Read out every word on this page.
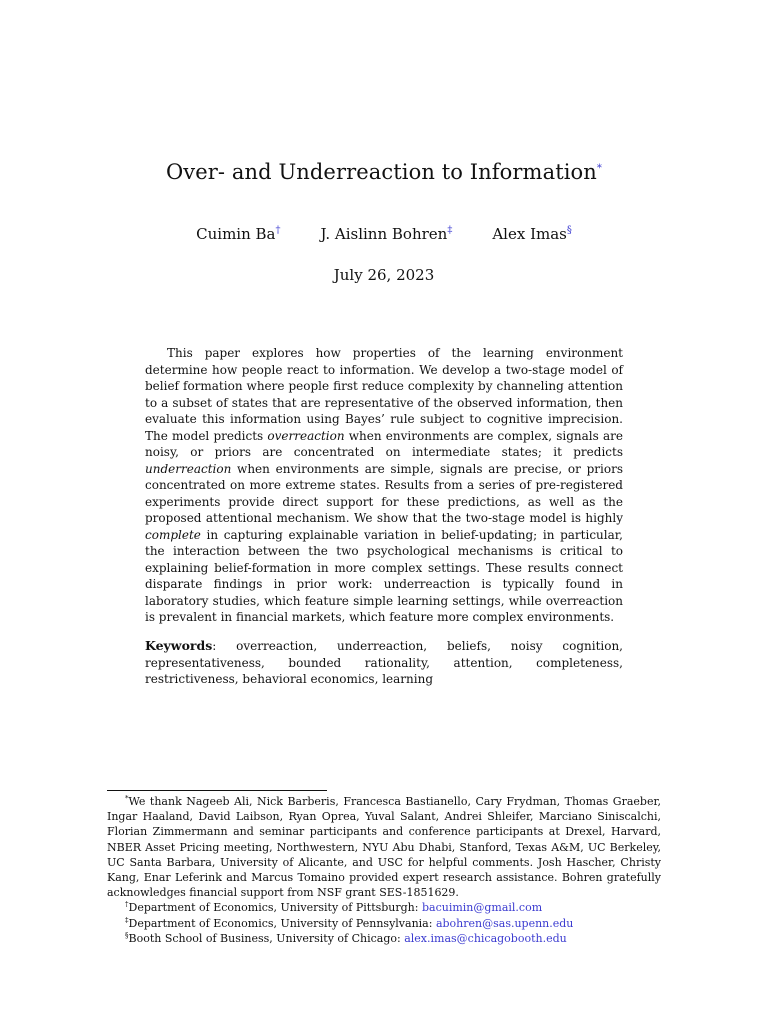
Over- and Underreaction to Information*
Cuimin Ba†	J. Aislinn Bohren‡	Alex Imas§
July 26, 2023

This paper explores how properties of the learning environment determine how people react to information. We develop a two-stage model of belief formation where people first reduce complexity by channeling attention to a subset of states that are representative of the observed information, then evaluate this information using Bayes’ rule subject to cognitive imprecision. The model predicts overreaction when environments are complex, signals are noisy, or priors are concentrated on intermediate states; it predicts underreaction when environments are simple, signals are precise, or priors concentrated on more extreme states. Results from a series of pre-registered experiments provide direct support for these predictions, as well as the proposed attentional mechanism. We show that the two-stage model is highly complete in capturing explainable variation in belief-updating; in particular, the interaction between the two psychological mechanisms is critical to explaining belief-formation in more complex settings. These results connect disparate findings in prior work: underreaction is typically found in laboratory studies, which feature simple learning settings, while overreaction is prevalent in financial markets, which feature more complex environments.

Keywords: overreaction, underreaction, beliefs, noisy cognition, representativeness, bounded rationality, attention, completeness, restrictiveness, behavioral economics, learning

*We thank Nageeb Ali, Nick Barberis, Francesca Bastianello, Cary Frydman, Thomas Graeber, Ingar Haaland, David Laibson, Ryan Oprea, Yuval Salant, Andrei Shleifer, Marciano Siniscalchi, Florian Zimmermann and seminar participants and conference participants at Drexel, Harvard, NBER Asset Pricing meeting, Northwestern, NYU Abu Dhabi, Stanford, Texas A&M, UC Berkeley, UC Santa Barbara, University of Alicante, and USC for helpful comments. Josh Hascher, Christy Kang, Enar Leferink and Marcus Tomaino provided expert research assistance. Bohren gratefully acknowledges financial support from NSF grant SES-1851629.

†Department of Economics, University of Pittsburgh: bacuimin@gmail.com

‡Department of Economics, University of Pennsylvania: abohren@sas.upenn.edu

§Booth School of Business, University of Chicago: alex.imas@chicagobooth.edu
